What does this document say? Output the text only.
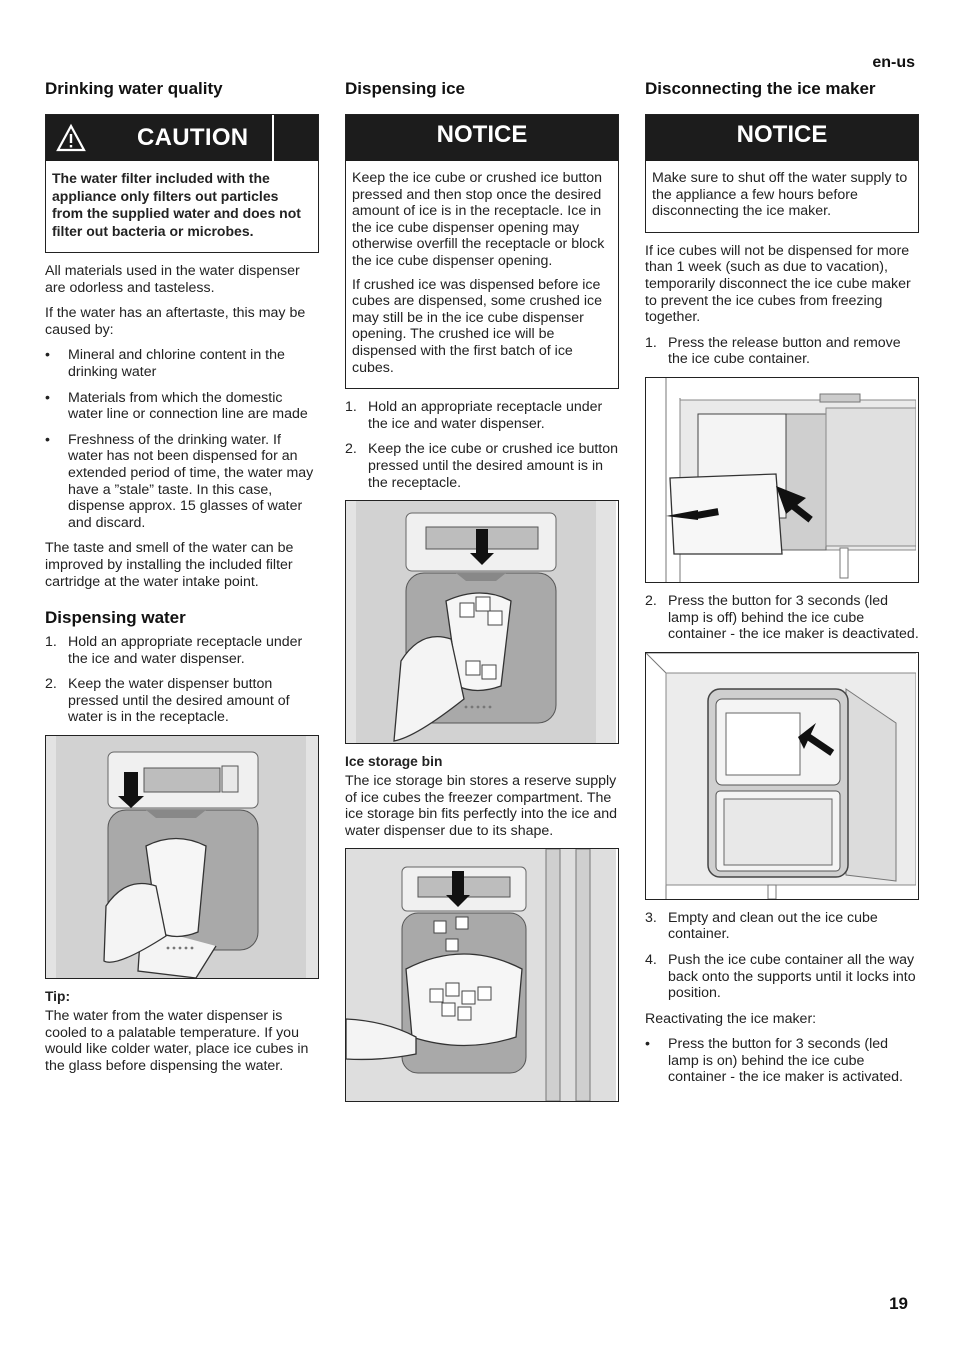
en-us
Drinking water quality
CAUTION

The water filter included with the appliance only filters out particles from the supplied water and does not filter out bacteria or microbes.

All materials used in the water dispenser are odorless and tasteless.

If the water has an aftertaste, this may be caused by:

• Mineral and chlorine content in the drinking water
• Materials from which the domestic water line or connection line are made
• Freshness of the drinking water. If water has not been dispensed for an extended period of time, the water may have a ”stale” taste. In this case, dispense approx. 15 glasses of water and discard.

The taste and smell of the water can be improved by installing the included filter cartridge at the water intake point.

Dispensing water
1. Hold an appropriate receptacle under the ice and water dispenser.
2. Keep the water dispenser button pressed until the desired amount of water is in the receptacle.
Tip:

The water from the water dispenser is cooled to a palatable temperature. If you would like colder water, place ice cubes in the glass before dispensing the water.

Dispensing ice
NOTICE

Keep the ice cube or crushed ice button pressed and then stop once the desired amount of ice is in the receptacle. Ice in the ice cube dispenser opening may otherwise overfill the receptacle or block the ice cube dispenser opening.

If crushed ice was dispensed before ice cubes are dispensed, some crushed ice may still be in the ice cube dispenser opening. The crushed ice will be dispensed with the first batch of ice cubes.

1. Hold an appropriate receptacle under the ice and water dispenser.
2. Keep the ice cube or crushed ice button pressed until the desired amount is in the receptacle.
Ice storage bin

The ice storage bin stores a reserve supply of ice cubes the freezer compartment. The ice storage bin fits perfectly into the ice and water dispenser due to its shape.

Disconnecting the ice maker
NOTICE

Make sure to shut off the water supply to the appliance a few hours before disconnecting the ice maker.

If ice cubes will not be dispensed for more than 1 week (such as due to vacation), temporarily disconnect the ice cube maker to prevent the ice cubes from freezing together.

1. Press the release button and remove the ice cube container.
2. Press the button for 3 seconds (led lamp is off) behind the ice cube container - the ice maker is deactivated.
3. Empty and clean out the ice cube container.
4. Push the ice cube container all the way back onto the supports until it locks into position.

Reactivating the ice maker:

• Press the button for 3 seconds (led lamp is on) behind the ice cube container - the ice maker is activated.
19
